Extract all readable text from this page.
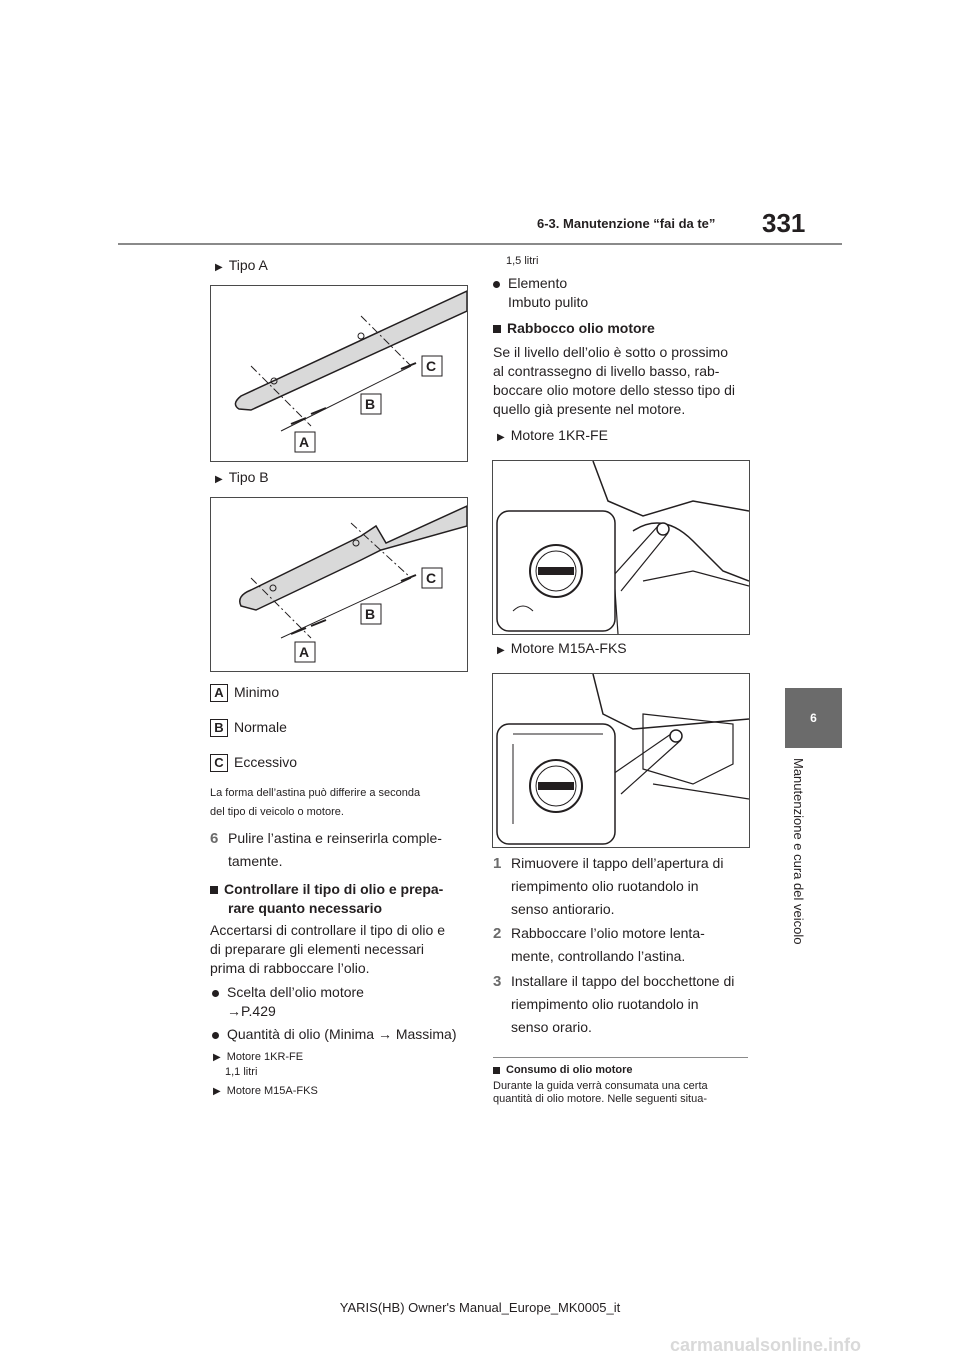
6-3. Manutenzione “fai da te” 331
6
Manutenzione e cura del veicolo
▶ Tipo A
C
B
A
▶ Tipo B
C
B
A
A Minimo
B Normale
C Eccessivo
La forma dell’astina può differire a seconda
del tipo di veicolo o motore.
6 Pulire l’astina e reinserirla comple-
tamente.
Controllare il tipo di olio e prepa-
rare quanto necessario
Accertarsi di controllare il tipo di olio e
di preparare gli elementi necessari
prima di rabboccare l’olio.
Scelta dell’olio motore
→P.429
Quantità di olio (Minima → Massima)
▶ Motore 1KR-FE
1,1 litri
▶ Motore M15A-FKS
1,5 litri
Elemento
Imbuto pulito
Rabbocco olio motore
Se il livello dell’olio è sotto o prossimo
al contrassegno di livello basso, rab-
boccare olio motore dello stesso tipo di
quello già presente nel motore.
▶ Motore 1KR-FE
▶ Motore M15A-FKS
1 Rimuovere il tappo dell’apertura di
riempimento olio ruotandolo in
senso antiorario.
2 Rabboccare l’olio motore lenta-
mente, controllando l’astina.
3 Installare il tappo del bocchettone di
riempimento olio ruotandolo in
senso orario.
Consumo di olio motore
Durante la guida verrà consumata una certa
quantità di olio motore. Nelle seguenti situa-
YARIS(HB) Owner's Manual_Europe_MK0005_it
carmanualsonline.info
